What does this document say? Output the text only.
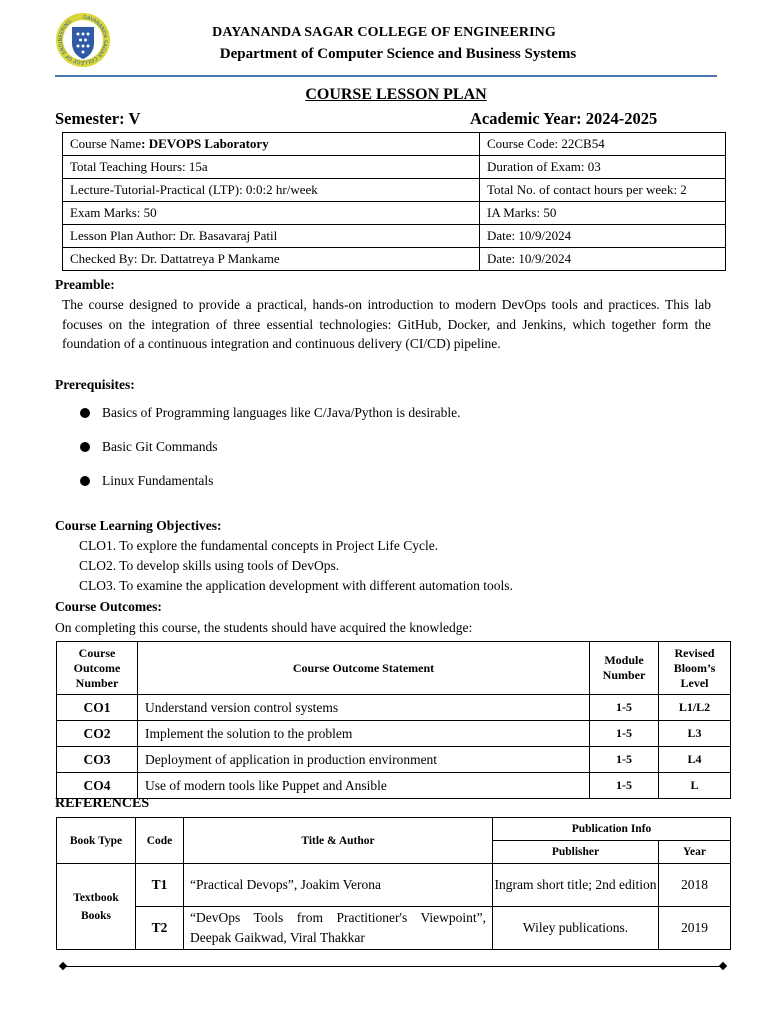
DAYANANDA SAGAR COLLEGE OF ENGINEERING
DAYANANDA SAGAR COLLEGE OF ENGINEERING
Department of Computer Science and Business Systems
COURSE LESSON PLAN
Semester: V	Academic Year: 2024-2025
Course Name: DEVOPS Laboratory	Course Code: 22CB54
Total Teaching Hours: 15a	Duration of Exam: 03
Lecture-Tutorial-Practical (LTP): 0:0:2 hr/week	Total No. of contact hours per week: 2
Exam Marks: 50	IA Marks: 50
Lesson Plan Author: Dr. Basavaraj Patil	Date: 10/9/2024
Checked By: Dr. Dattatreya P Mankame	Date: 10/9/2024
Preamble:
The course designed to provide a practical, hands-on introduction to modern DevOps tools and practices. This lab focuses on the integration of three essential technologies: GitHub, Docker, and Jenkins, which together form the foundation of a continuous integration and continuous delivery (CI/CD) pipeline.
Prerequisites:
Basics of Programming languages like C/Java/Python is desirable.
Basic Git Commands
Linux Fundamentals
Course Learning Objectives:
CLO1. To explore the fundamental concepts in Project Life Cycle.
CLO2. To develop skills using tools of DevOps.
CLO3. To examine the application development with different automation tools.
Course Outcomes:
On completing this course, the students should have acquired the knowledge:
Course Outcome Number	Course Outcome Statement	Module Number	Revised Bloom’s Level
CO1	Understand version control systems	1-5	L1/L2
CO2	Implement the solution to the problem	1-5	L3
CO3	Deployment of application in production environment	1-5	L4
CO4	Use of modern tools like Puppet and Ansible	1-5	L
REFERENCES
Book Type	Code	Title & Author	Publication Info	
			Publisher	Year
Textbook Books	T1	“Practical Devops”, Joakim Verona	Ingram short title; 2nd edition	2018
	T2	“DevOps Tools from Practitioner's Viewpoint”, Deepak Gaikwad, Viral Thakkar	Wiley publications.	2019
